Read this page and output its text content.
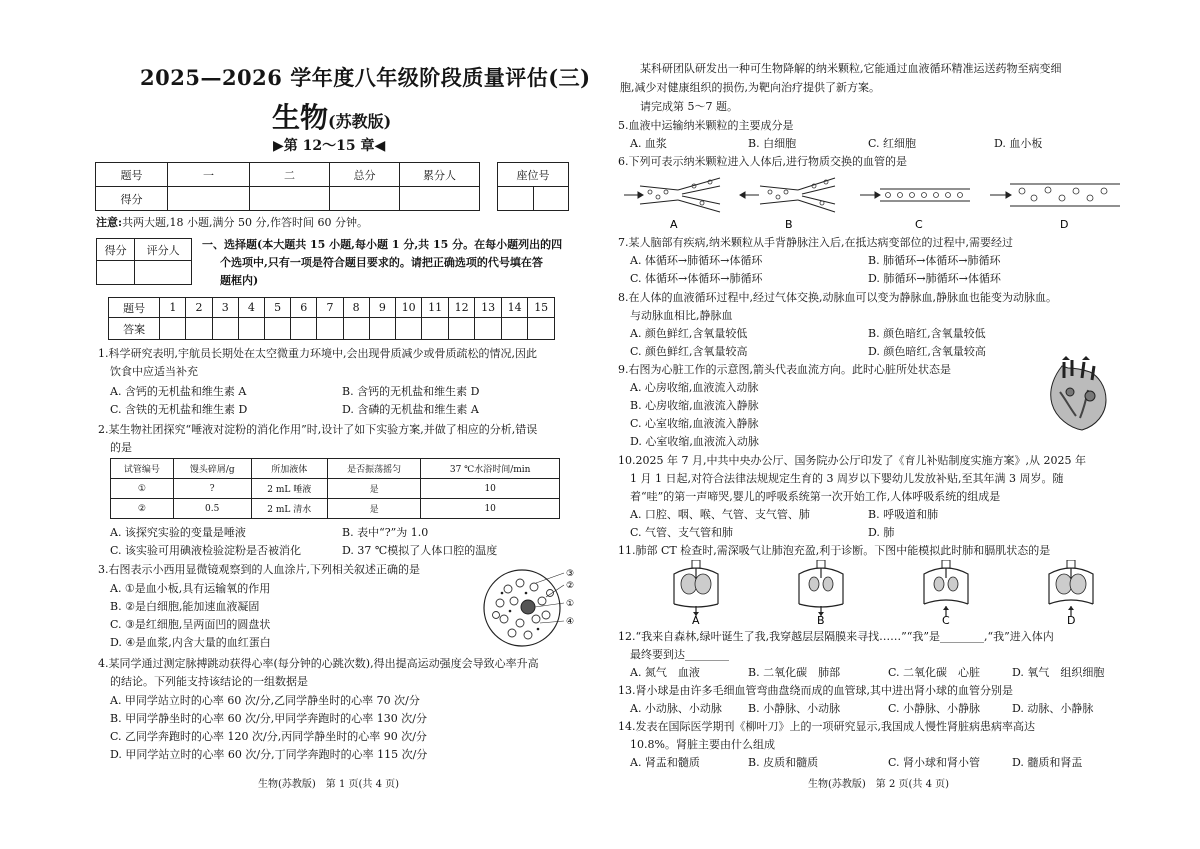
2025—2026 学年度八年级阶段质量评估(三)
生物(苏教版)
▶第 12～15 章◀
题号	一	二	总分	累分人
得分				
座位号

注意:共两大题,18 小题,满分 50 分,作答时间 60 分钟。
得分	评分人
	一、选择题(本大题共 15 小题,每小题 1 分,共 15 分。在每小题列出的四
个选项中,只有一项是符合题目要求的。请把正确选项的代号填在答
题框内)
题号	1	2	3	4	5	6	7	8	9	10	11	12	13	14	15
答案															
1.科学研究表明,宇航员长期处在太空微重力环境中,会出现骨质减少或骨质疏松的情况,因此
饮食中应适当补充
A. 含钙的无机盐和维生素 A	B. 含钙的无机盐和维生素 D
C. 含铁的无机盐和维生素 D	D. 含磷的无机盐和维生素 A
2.某生物社团探究“唾液对淀粉的消化作用”时,设计了如下实验方案,并做了相应的分析,错误
的是
试管编号	馒头碎屑/g	所加液体	是否振荡摇匀	37 ℃水浴时间/min
①	?	2 mL 唾液	是	10
②	0.5	2 mL 清水	是	10
A. 该探究实验的变量是唾液	B. 表中“?”为 1.0
C. 该实验可用碘液检验淀粉是否被消化	D. 37 ℃模拟了人体口腔的温度
3.右图表示小西用显微镜观察到的人血涂片,下列相关叙述正确的是
A. ①是血小板,具有运输氧的作用
B. ②是白细胞,能加速血液凝固
C. ③是红细胞,呈两面凹的圆盘状
D. ④是血浆,内含大量的血红蛋白
③
②
①
④
4.某同学通过测定脉搏跳动获得心率(每分钟的心跳次数),得出提高运动强度会导致心率升高
的结论。下列能支持该结论的一组数据是
A. 甲同学站立时的心率 60 次/分,乙同学静坐时的心率 70 次/分
B. 甲同学静坐时的心率 60 次/分,甲同学奔跑时的心率 130 次/分
C. 乙同学奔跑时的心率 120 次/分,丙同学静坐时的心率 90 次/分
D. 甲同学站立时的心率 60 次/分,丁同学奔跑时的心率 115 次/分
生物(苏教版)　第 1 页(共 4 页)
某科研团队研发出一种可生物降解的纳米颗粒,它能通过血液循环精准运送药物至病变细
胞,减少对健康组织的损伤,为靶向治疗提供了新方案。
请完成第 5～7 题。
5.血液中运输纳米颗粒的主要成分是
A. 血浆	B. 白细胞	C. 红细胞	D. 血小板
6.下列可表示纳米颗粒进入人体后,进行物质交换的血管的是
A	B	C	D
7.某人脑部有疾病,纳米颗粒从手背静脉注入后,在抵达病变部位的过程中,需要经过
A. 体循环→肺循环→体循环	B. 肺循环→体循环→肺循环
C. 体循环→体循环→肺循环	D. 肺循环→肺循环→体循环
8.在人体的血液循环过程中,经过气体交换,动脉血可以变为静脉血,静脉血也能变为动脉血。
与动脉血相比,静脉血
A. 颜色鲜红,含氧量较低	B. 颜色暗红,含氧量较低
C. 颜色鲜红,含氧量较高	D. 颜色暗红,含氧量较高
9.右图为心脏工作的示意图,箭头代表血流方向。此时心脏所处状态是
A. 心房收缩,血液流入动脉
B. 心房收缩,血液流入静脉
C. 心室收缩,血液流入静脉
D. 心室收缩,血液流入动脉
10.2025 年 7 月,中共中央办公厅、国务院办公厅印发了《育儿补贴制度实施方案》,从 2025 年
1 月 1 日起,对符合法律法规规定生育的 3 周岁以下婴幼儿发放补贴,至其年满 3 周岁。随
着“哇”的第一声啼哭,婴儿的呼吸系统第一次开始工作,人体呼吸系统的组成是
A. 口腔、咽、喉、气管、支气管、肺	B. 呼吸道和肺
C. 气管、支气管和肺	D. 肺
11.肺部 CT 检查时,需深吸气让肺泡充盈,利于诊断。下图中能模拟此时肺和膈肌状态的是
A	B	C	D
12.“我来自森林,绿叶诞生了我,我穿越层层隔膜来寻找……”“我”是________,“我”进入体内
最终要到达________
A. 氮气　血液	B. 二氧化碳　肺部	C. 二氧化碳　心脏	D. 氧气　组织细胞
13.肾小球是由许多毛细血管弯曲盘绕而成的血管球,其中进出肾小球的血管分别是
A. 小动脉、小动脉 B. 小静脉、小动脉	C. 小静脉、小静脉	D. 动脉、小静脉
14.发表在国际医学期刊《柳叶刀》上的一项研究显示,我国成人慢性肾脏病患病率高达
10.8%。肾脏主要由什么组成
A. 肾盂和髓质	B. 皮质和髓质	C. 肾小球和肾小管	D. 髓质和肾盂
生物(苏教版)　第 2 页(共 4 页)
